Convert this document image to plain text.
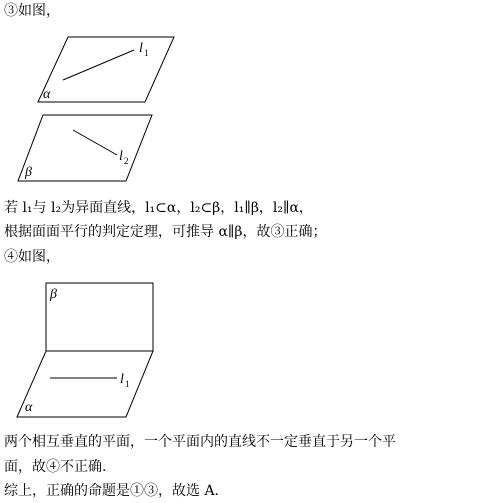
③如图，
l 1
α
l 2
β
β
l 1
α
若 l₁与 l₂为异面直线，l₁⊂α，l₂⊂β，l₁∥β，l₂∥α，
根据面面平行的判定定理，可推导 α∥β，故③正确；
④如图，
两个相互垂直的平面，一个平面内的直线不一定垂直于另一个平
面，故④不正确.
综上，正确的命题是①③，故选 A.
